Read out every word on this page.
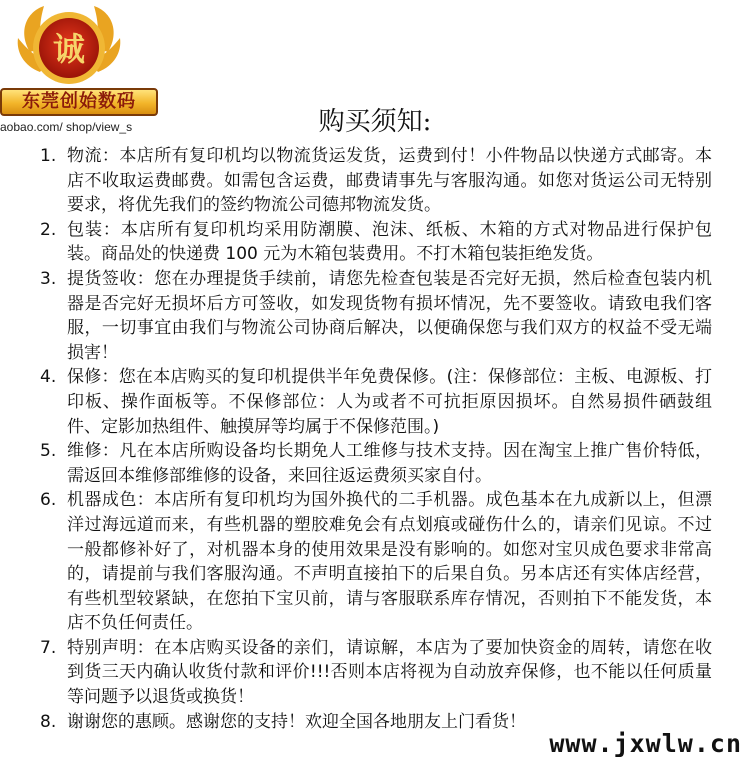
诚
东莞创始数码
aobao.com/ shop/view_s	购买须知:
1. 物流：本店所有复印机均以物流货运发货，运费到付！小件物品以快递方式邮寄。本店不收取运费邮费。如需包含运费，邮费请事先与客服沟通。如您对货运公司无特别要求，将优先我们的签约物流公司德邦物流发货。
2. 包装：本店所有复印机均采用防潮膜、泡沫、纸板、木箱的方式对物品进行保护包装。商品处的快递费 100 元为木箱包装费用。不打木箱包装拒绝发货。
3. 提货签收：您在办理提货手续前，请您先检查包装是否完好无损，然后检查包装内机器是否完好无损坏后方可签收，如发现货物有损坏情况，先不要签收。请致电我们客服，一切事宜由我们与物流公司协商后解决，以便确保您与我们双方的权益不受无端损害！
4. 保修：您在本店购买的复印机提供半年免费保修。(注：保修部位：主板、电源板、打印板、操作面板等。不保修部位：人为或者不可抗拒原因损坏。自然易损件硒鼓组件、定影加热组件、触摸屏等均属于不保修范围。)
5. 维修：凡在本店所购设备均长期免人工维修与技术支持。因在淘宝上推广售价特低，需返回本维修部维修的设备，来回往返运费须买家自付。
6. 机器成色：本店所有复印机均为国外换代的二手机器。成色基本在九成新以上，但漂洋过海远道而来，有些机器的塑胶难免会有点划痕或碰伤什么的，请亲们见谅。不过一般都修补好了，对机器本身的使用效果是没有影响的。如您对宝贝成色要求非常高的，请提前与我们客服沟通。不声明直接拍下的后果自负。另本店还有实体店经营，有些机型较紧缺，在您拍下宝贝前，请与客服联系库存情况，否则拍下不能发货，本店不负任何责任。
7. 特别声明：在本店购买设备的亲们，请谅解，本店为了要加快资金的周转，请您在收到货三天内确认收货付款和评价!!!否则本店将视为自动放弃保修，也不能以任何质量等问题予以退货或换货！
8. 谢谢您的惠顾。感谢您的支持！欢迎全国各地朋友上门看货！
www.jxwlw.cn
